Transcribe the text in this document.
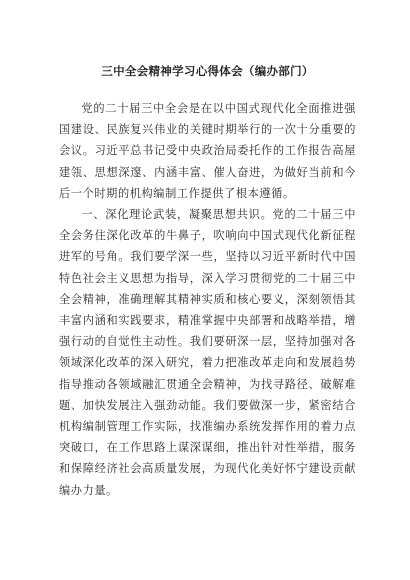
三中全会精神学习心得体会（编办部门）

党的二十届三中全会是在以中国式现代化全面推进强国建设、民族复兴伟业的关键时期举行的一次十分重要的会议。习近平总书记受中央政治局委托作的工作报告高屋建瓴、思想深邃、内涵丰富、催人奋进，为做好当前和今后一个时期的机构编制工作提供了根本遵循。

一、深化理论武装，凝聚思想共识。党的二十届三中全会务住深化改革的牛鼻子，吹响向中国式现代化新征程进军的号角。我们要学深一些，坚持以习近平新时代中国特色社会主义思想为指导，深入学习贯彻党的二十届三中全会精神，准确理解其精神实质和核心要义，深刻领悟其丰富内涵和实践要求，精准掌握中央部署和战略举措，增强行动的自觉性主动性。我们要研深一层，坚持加强对各领域深化改革的深入研究，着力把准改革走向和发展趋势指导推动各领域融汇贯通全会精神，为找寻路径、破解难题、加快发展注入强劲动能。我们要做深一步，紧密结合机构编制管理工作实际，找准编办系统发挥作用的着力点突破口，在工作思路上谋深谋细，推出针对性举措，服务和保障经济社会高质量发展，为现代化美好怀宁建设贡献编办力量。
